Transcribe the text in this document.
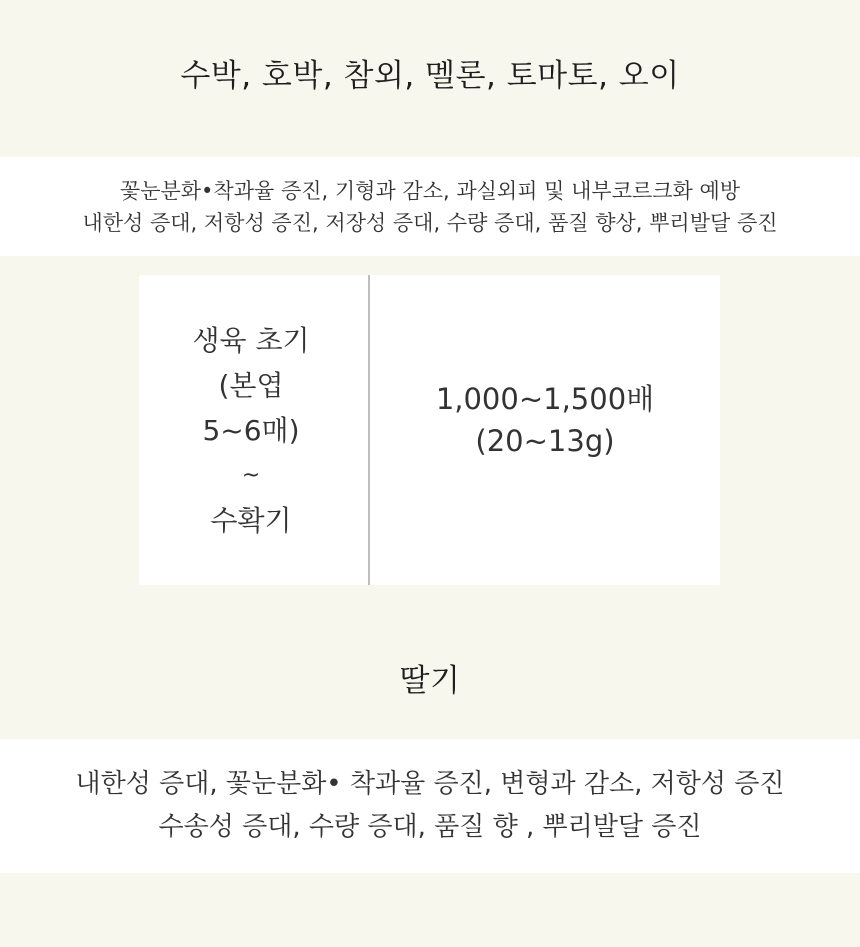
수박, 호박, 참외, 멜론, 토마토, 오이
꽃눈분화•착과율 증진, 기형과 감소, 과실외피 및 내부코르크화 예방
내한성 증대, 저항성 증진, 저장성 증대, 수량 증대, 품질 향상, 뿌리발달 증진
생육 초기
(본엽
5~6매)
~
수확기
1,000~1,500배
(20~13g)
딸기
내한성 증대, 꽃눈분화• 착과율 증진, 변형과 감소, 저항성 증진
수송성 증대, 수량 증대, 품질 향 , 뿌리발달 증진
